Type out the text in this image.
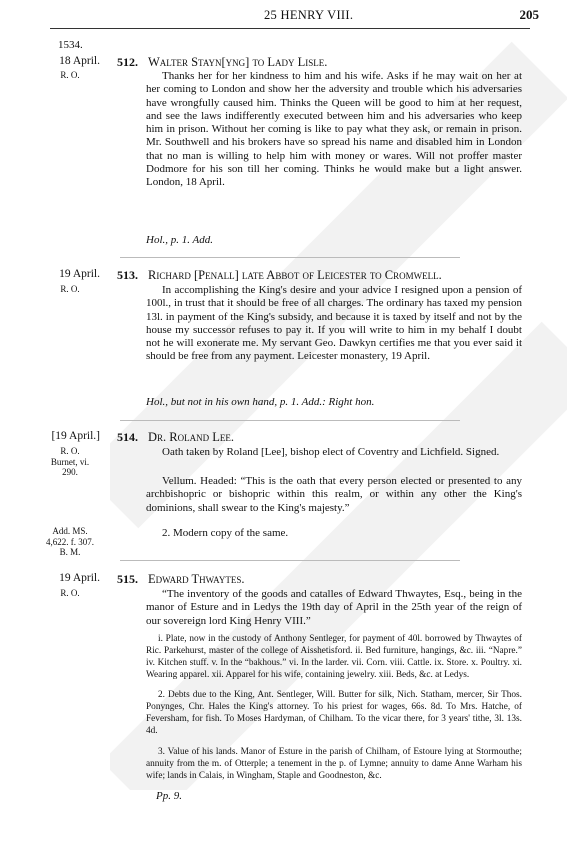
25 HENRY VIII.	205
1534.
18 April.
R. O.
512. Walter Stayn[yng] to Lady Lisle.
Thanks her for her kindness to him and his wife. Asks if he may wait on her at her coming to London and show her the adversity and trouble which his adversaries have wrongfully caused him. Thinks the Queen will be good to him at her request, and see the laws indifferently executed between him and his adversaries who keep him in prison. Without her coming is like to pay what they ask, or remain in prison. Mr. Southwell and his brokers have so spread his name and disabled him in London that no man is willing to help him with money or wares. Will not proffer master Dodmore for his son till her coming. Thinks he would make but a light answer. London, 18 April.
Hol., p. 1. Add.
19 April.
R. O.
513. Richard [Penall] late Abbot of Leicester to Cromwell.
In accomplishing the King's desire and your advice I resigned upon a pension of 100l., in trust that it should be free of all charges. The ordinary has taxed my pension 13l. in payment of the King's subsidy, and because it is taxed by itself and not by the house my successor refuses to pay it. If you will write to him in my behalf I doubt not he will exonerate me. My servant Geo. Dawkyn certifies me that you ever said it should be free from any payment. Leicester monastery, 19 April.
Hol., but not in his own hand, p. 1. Add.: Right hon.
[19 April.]
R. O.
Burnet, vi.
290.
514. Dr. Roland Lee.
Oath taken by Roland [Lee], bishop elect of Coventry and Lichfield. Signed.
Vellum. Headed: “This is the oath that every person elected or presented to any archbishopric or bishopric within this realm, or within any other the King's dominions, shall swear to the King's majesty.”
Add. MS.
4,622. f. 307.
B. M.
2. Modern copy of the same.
19 April.
R. O.
515. Edward Thwaytes.
“The inventory of the goods and catalles of Edward Thwaytes, Esq., being in the manor of Esture and in Ledys the 19th day of April in the 25th year of the reign of our sovereign lord King Henry VIII.”
i. Plate, now in the custody of Anthony Sentleger, for payment of 40l. borrowed by Thwaytes of Ric. Parkehurst, master of the college of Aisshetisford. ii. Bed furniture, hangings, &c. iii. “Napre.” iv. Kitchen stuff. v. In the “bakhous.” vi. In the larder. vii. Corn. viii. Cattle. ix. Store. x. Poultry. xi. Wearing apparel. xii. Apparel for his wife, containing jewelry. xiii. Beds, &c. at Ledys.
2. Debts due to the King, Ant. Sentleger, Will. Butter for silk, Nich. Statham, mercer, Sir Thos. Ponynges, Chr. Hales the King's attorney. To his priest for wages, 66s. 8d. To Mrs. Hatche, of Feversham, for fish. To Moses Hardyman, of Chilham. To the vicar there, for 3 years' tithe, 3l. 13s. 4d.
3. Value of his lands. Manor of Esture in the parish of Chilham, of Estoure lying at Stormouthe; annuity from the m. of Otterple; a tenement in the p. of Lymne; annuity to dame Anne Warham his wife; lands in Calais, in Wingham, Staple and Goodneston, &c.
Pp. 9.
